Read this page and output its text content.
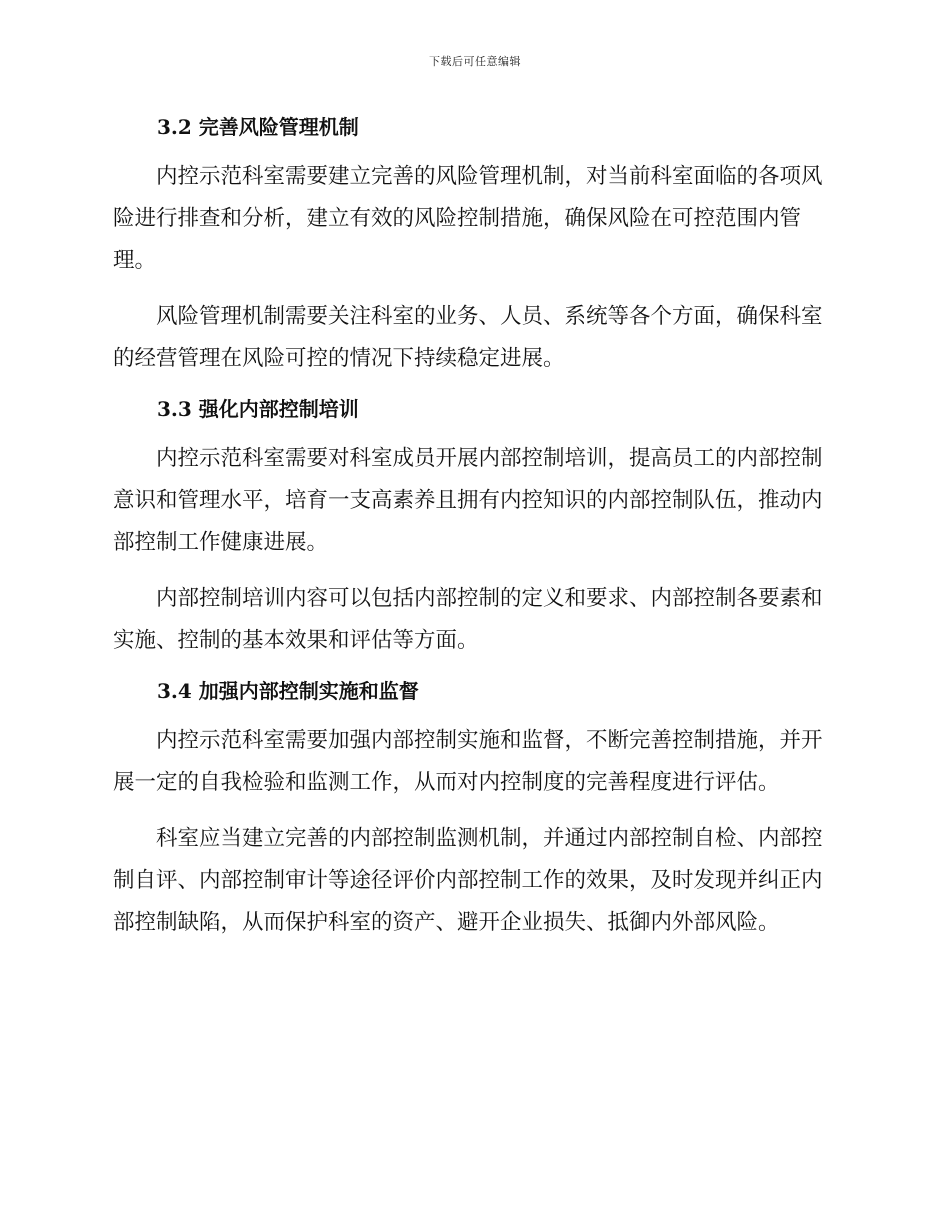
下载后可任意编辑
3.2 完善风险管理机制
内控示范科室需要建立完善的风险管理机制，对当前科室面临的各项风
险进行排查和分析，建立有效的风险控制措施，确保风险在可控范围内管
理。
风险管理机制需要关注科室的业务、人员、系统等各个方面，确保科室
的经营管理在风险可控的情况下持续稳定进展。
3.3 强化内部控制培训
内控示范科室需要对科室成员开展内部控制培训，提高员工的内部控制
意识和管理水平，培育一支高素养且拥有内控知识的内部控制队伍，推动内
部控制工作健康进展。
内部控制培训内容可以包括内部控制的定义和要求、内部控制各要素和
实施、控制的基本效果和评估等方面。
3.4 加强内部控制实施和监督
内控示范科室需要加强内部控制实施和监督，不断完善控制措施，并开
展一定的自我检验和监测工作，从而对内控制度的完善程度进行评估。
科室应当建立完善的内部控制监测机制，并通过内部控制自检、内部控
制自评、内部控制审计等途径评价内部控制工作的效果，及时发现并纠正内
部控制缺陷，从而保护科室的资产、避开企业损失、抵御内外部风险。
